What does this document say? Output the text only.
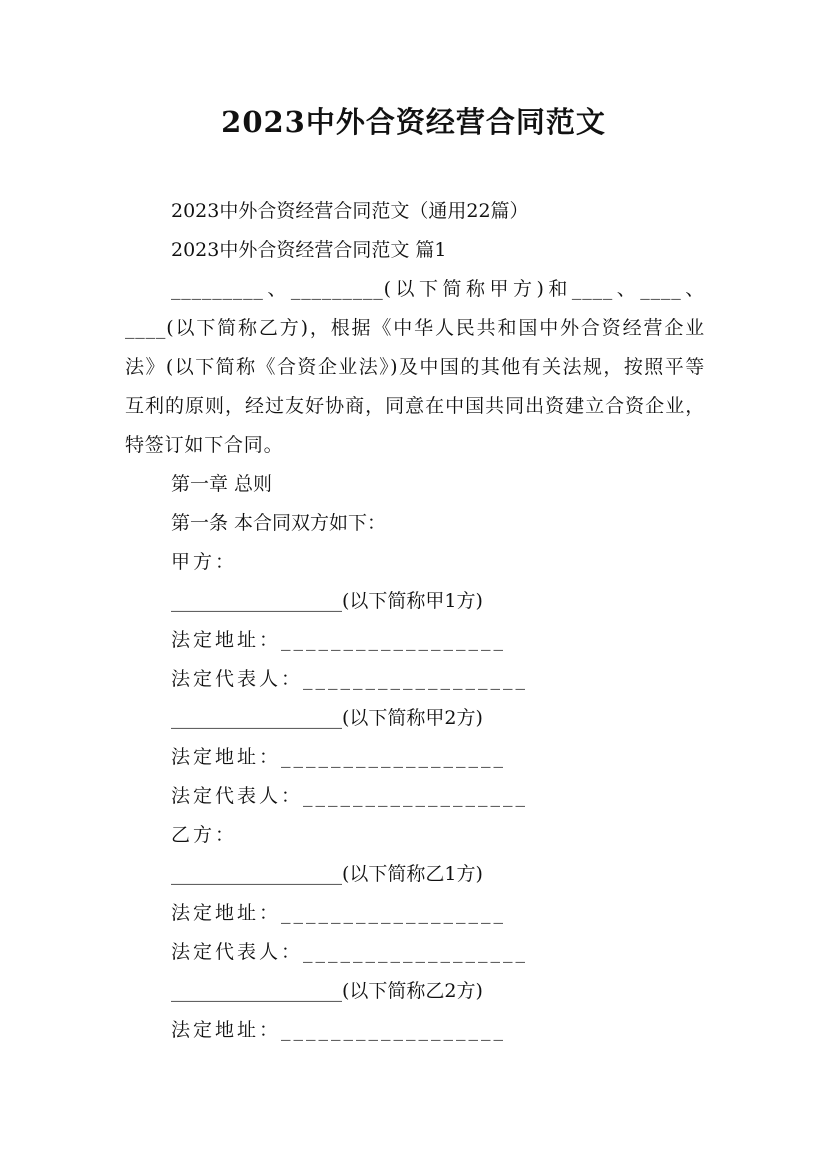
2023中外合资经营合同范文
2023中外合资经营合同范文（通用22篇）
2023中外合资经营合同范文 篇1
_________、_________(以下简称甲方)和____、____、____(以下简称乙方)，根据《中华人民共和国中外合资经营企业法》(以下简称《合资企业法》)及中国的其他有关法规，按照平等互利的原则，经过友好协商，同意在中国共同出资建立合资企业，特签订如下合同。
第一章 总则
第一条 本合同双方如下：
甲方：
__________________(以下简称甲1方)
法定地址：__________________
法定代表人：__________________
__________________(以下简称甲2方)
法定地址：__________________
法定代表人：__________________
乙方：
__________________(以下简称乙1方)
法定地址：__________________
法定代表人：__________________
__________________(以下简称乙2方)
法定地址：__________________
